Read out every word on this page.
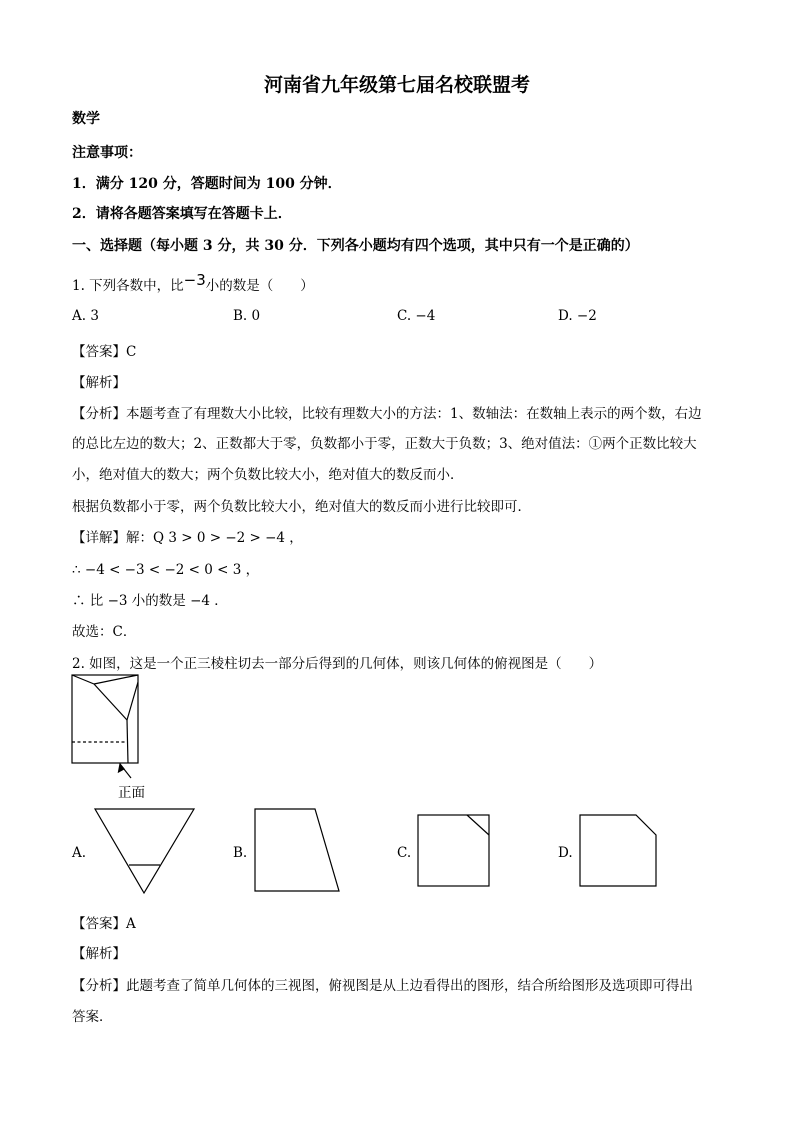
河南省九年级第七届名校联盟考
数学
注意事项：
1．满分 120 分，答题时间为 100 分钟．
2．请将各题答案填写在答题卡上．
一、选择题（每小题 3 分，共 30 分．下列各小题均有四个选项，其中只有一个是正确的）
1. 下列各数中，比−3小的数是（　　）
A. 3	B. 0	C. −4	D. −2
【答案】C
【解析】
【分析】本题考查了有理数大小比较，比较有理数大小的方法：1、数轴法：在数轴上表示的两个数，右边
的总比左边的数大；2、正数都大于零，负数都小于零，正数大于负数；3、绝对值法：①两个正数比较大
小，绝对值大的数大；两个负数比较大小，绝对值大的数反而小．
根据负数都小于零，两个负数比较大小，绝对值大的数反而小进行比较即可．
【详解】解：Q 3 > 0 > −2 > −4 ，
∴ −4 < −3 < −2 < 0 < 3 ，
∴ 比 −3 小的数是 −4 ．
故选：C．
2. 如图，这是一个正三棱柱切去一部分后得到的几何体，则该几何体的俯视图是（　　）
正面
A.	B.	C.	D.
【答案】A
【解析】
【分析】此题考查了简单几何体的三视图，俯视图是从上边看得出的图形，结合所给图形及选项即可得出
答案．
